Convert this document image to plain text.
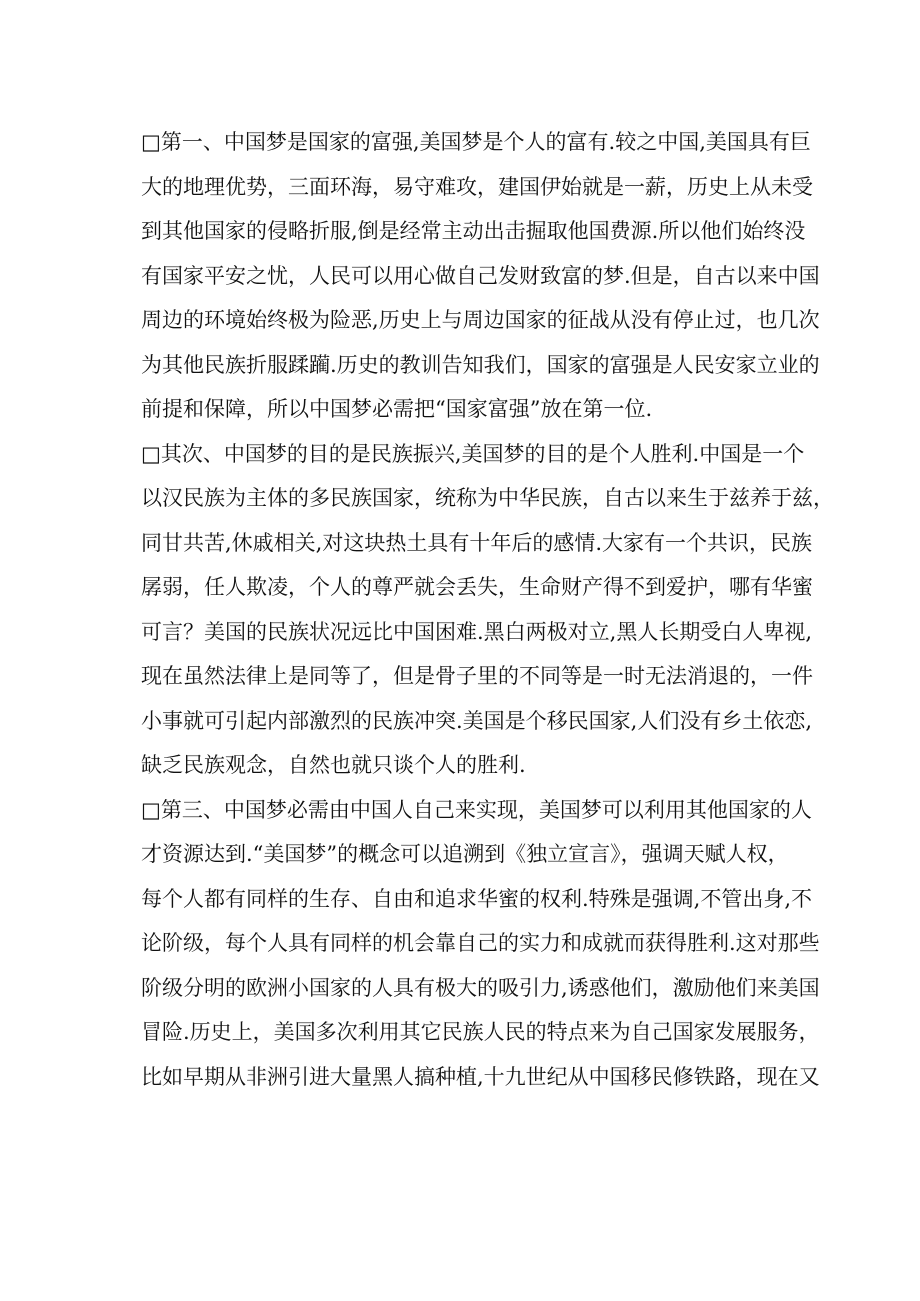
□第一、中国梦是国家的富强,美国梦是个人的富有.较之中国,美国具有巨
大的地理优势，三面环海，易守难攻，建国伊始就是一薪，历史上从未受
到其他国家的侵略折服,倒是经常主动出击掘取他国费源.所以他们始终没
有国家平安之忧，人民可以用心做自己发财致富的梦.但是，自古以来中国
周边的环境始终极为险恶,历史上与周边国家的征战从没有停止过，也几次
为其他民族折服蹂躏.历史的教训告知我们，国家的富强是人民安家立业的
前提和保障，所以中国梦必需把“国家富强”放在第一位.
□其次、中国梦的目的是民族振兴,美国梦的目的是个人胜利.中国是一个
以汉民族为主体的多民族国家，统称为中华民族，自古以来生于兹养于兹，
同甘共苦,休戚相关,对这块热土具有十年后的感情.大家有一个共识，民族
孱弱，任人欺凌，个人的尊严就会丢失，生命财产得不到爱护，哪有华蜜
可言？美国的民族状况远比中国困难.黑白两极对立,黑人长期受白人卑视,
现在虽然法律上是同等了，但是骨子里的不同等是一时无法消退的，一件
小事就可引起内部激烈的民族冲突.美国是个移民国家,人们没有乡土依恋,
缺乏民族观念，自然也就只谈个人的胜利.
□第三、中国梦必需由中国人自己来实现，美国梦可以利用其他国家的人
才资源达到.“美国梦”的概念可以追溯到《独立宣言》，强调天赋人权，
每个人都有同样的生存、自由和追求华蜜的权利.特殊是强调,不管出身,不
论阶级，每个人具有同样的机会靠自己的实力和成就而获得胜利.这对那些
阶级分明的欧洲小国家的人具有极大的吸引力,诱惑他们，激励他们来美国
冒险.历史上，美国多次利用其它民族人民的特点来为自己国家发展服务，
比如早期从非洲引进大量黑人搞种植,十九世纪从中国移民修铁路，现在又
